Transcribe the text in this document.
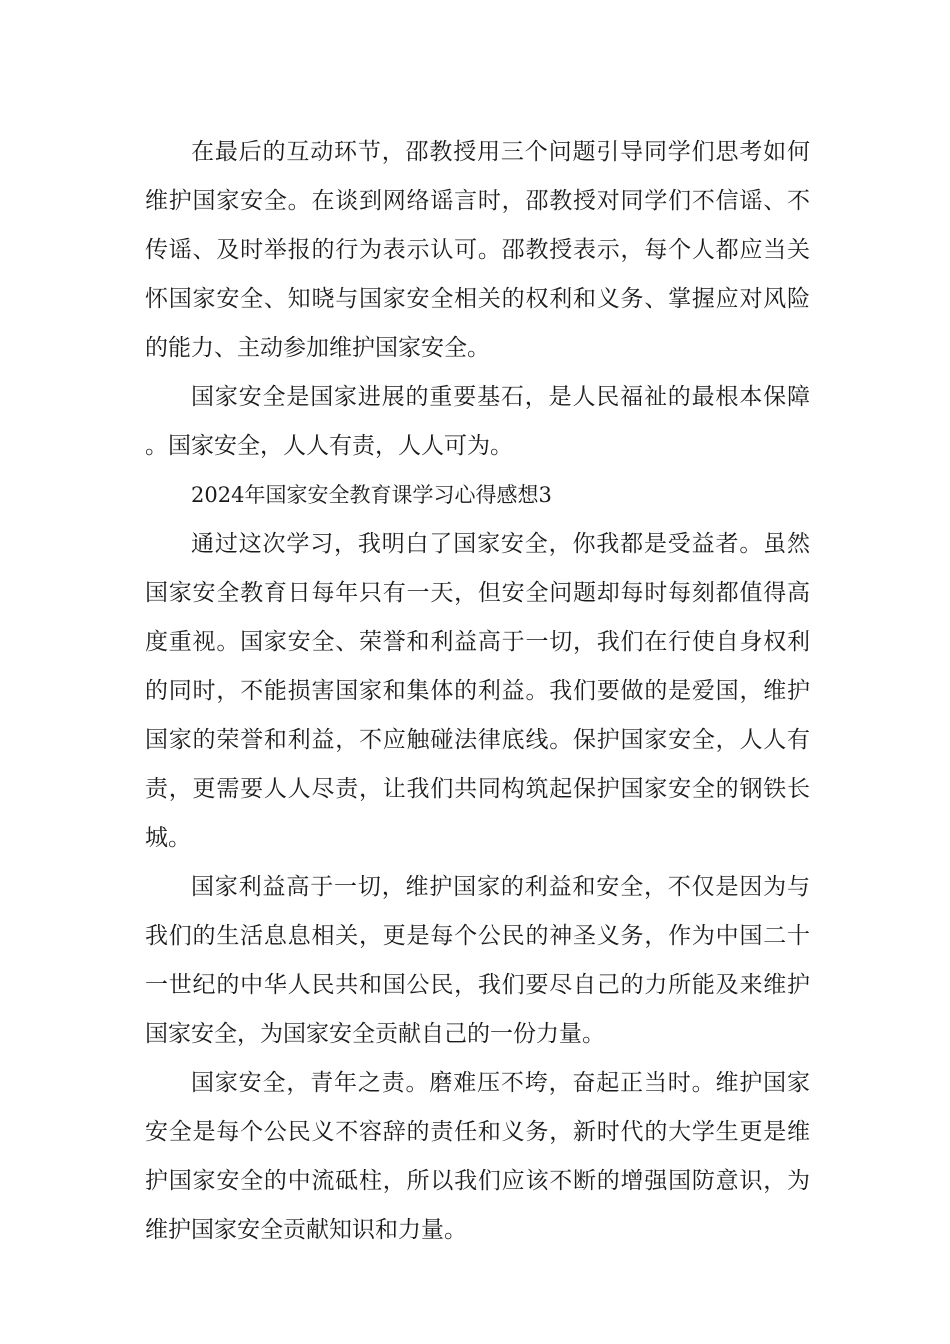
在最后的互动环节，邵教授用三个问题引导同学们思考如何维护国家安全。在谈到网络谣言时，邵教授对同学们不信谣、不传谣、及时举报的行为表示认可。邵教授表示，每个人都应当关怀国家安全、知晓与国家安全相关的权利和义务、掌握应对风险的能力、主动参加维护国家安全。

国家安全是国家进展的重要基石，是人民福祉的最根本保障。国家安全，人人有责，人人可为。

2024年国家安全教育课学习心得感想3

通过这次学习，我明白了国家安全，你我都是受益者。虽然国家安全教育日每年只有一天，但安全问题却每时每刻都值得高度重视。国家安全、荣誉和利益高于一切，我们在行使自身权利的同时，不能损害国家和集体的利益。我们要做的是爱国，维护国家的荣誉和利益，不应触碰法律底线。保护国家安全，人人有责，更需要人人尽责，让我们共同构筑起保护国家安全的钢铁长城。

国家利益高于一切，维护国家的利益和安全，不仅是因为与我们的生活息息相关，更是每个公民的神圣义务，作为中国二十一世纪的中华人民共和国公民，我们要尽自己的力所能及来维护国家安全，为国家安全贡献自己的一份力量。

国家安全，青年之责。磨难压不垮，奋起正当时。维护国家安全是每个公民义不容辞的责任和义务，新时代的大学生更是维护国家安全的中流砥柱，所以我们应该不断的增强国防意识，为维护国家安全贡献知识和力量。
